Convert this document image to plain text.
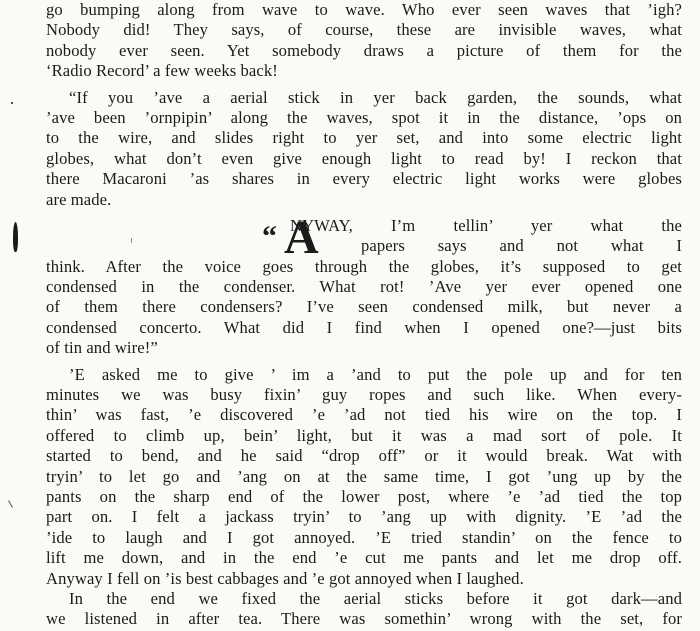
go bumping along from wave to wave. Who ever seen waves that ’igh?
Nobody did! They says, of course, these are invisible waves, what
nobody ever seen. Yet somebody draws a picture of them for the
‘Radio Record’ a few weeks back!
“If you ’ave a aerial stick in yer back garden, the sounds, what
’ave been ’ornpipin’ along the waves, spot it in the distance, ’ops on
to the wire, and slides right to yer set, and into some electric light
globes, what don’t even give enough light to read by! I reckon that
there Macaroni ’as shares in every electric light works were globes
are made.
“ A
NYWAY, I’m tellin’ yer what the
papers says and not what I
think. After the voice goes through the globes, it’s supposed to get
condensed in the condenser. What rot! ’Ave yer ever opened one
of them there condensers? I’ve seen condensed milk, but never a
condensed concerto. What did I find when I opened one?—just bits
of tin and wire!”
’E asked me to give ’ im a ’and to put the pole up and for ten
minutes we was busy fixin’ guy ropes and such like. When every-
thin’ was fast, ’e discovered ’e ’ad not tied his wire on the top. I
offered to climb up, bein’ light, but it was a mad sort of pole. It
started to bend, and he said “drop off” or it would break. Wat with
tryin’ to let go and ’ang on at the same time, I got ’ung up by the
pants on the sharp end of the lower post, where ’e ’ad tied the top
part on. I felt a jackass tryin’ to ’ang up with dignity. ’E ’ad the
’ide to laugh and I got annoyed. ’E tried standin’ on the fence to
lift me down, and in the end ’e cut me pants and let me drop off.
Anyway I fell on ’is best cabbages and ’e got annoyed when I laughed.
In the end we fixed the aerial sticks before it got dark—and
we listened in after tea. There was somethin’ wrong with the set, for
